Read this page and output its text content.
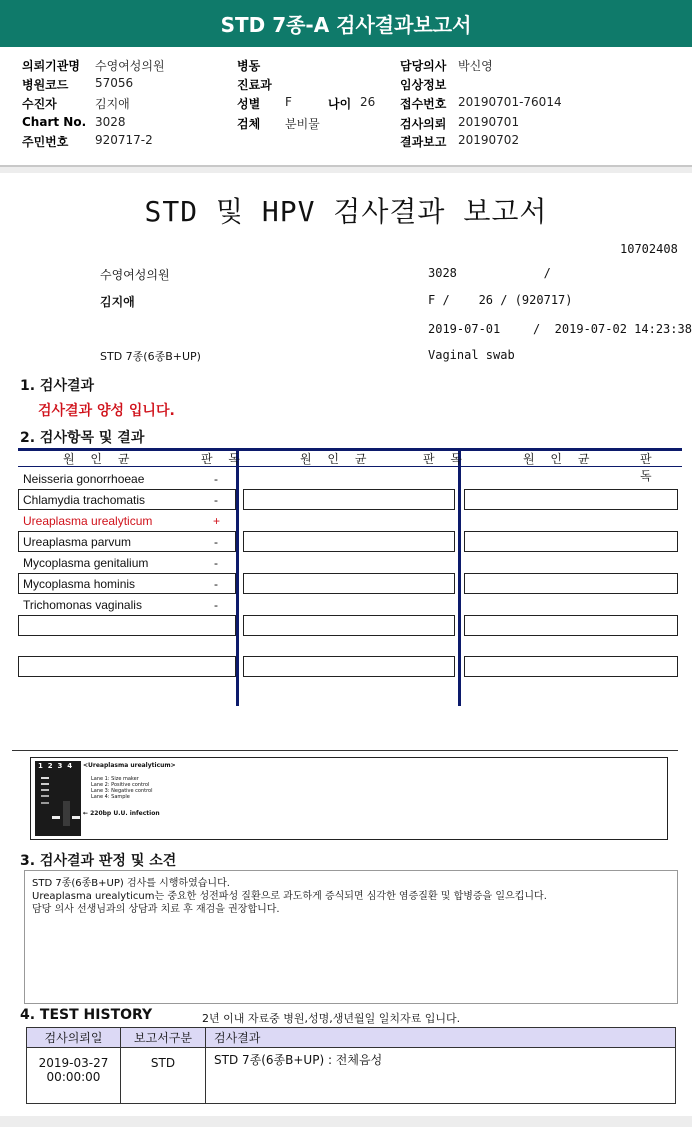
STD 7종-A 검사결과보고서
의뢰기관명 수영여성의원
병원코드 57056
수진자	김지애
Chart No. 3028
주민번호 920717-2
병동
진료과
성별 F	나이 26
검체 분비물
담당의사 박신영
임상정보
접수번호 20190701-76014
검사의뢰 20190701
결과보고 20190702
STD 및 HPV 검사결과 보고서
10702408
수영여성의원	3028            /
김지애	F /    26 / (920717)
2019-07-01	/  2019-07-02 14:23:38
STD 7종(6종B+UP)	Vaginal swab
1. 검사결과
검사결과 양성 입니다.
2. 검사항목 및 결과
원 인 균	판 독	원 인 균	판 독	원 인 균	판 독
Neisseria gonorrhoeae	-
Chlamydia trachomatis	-
Ureaplasma urealyticum	+
Ureaplasma parvum	-
Mycoplasma genitalium	-
Mycoplasma hominis	-
Trichomonas vaginalis	-
1  2  3  4 <Ureaplasma urealyticum>
Lane 1: Size maker
Lane 2: Positive control
Lane 3: Negative control
Lane 4: Sample
← 220bp U.U. infection
3. 검사결과 판정 및 소견
STD 7종(6종B+UP) 검사를 시행하였습니다.
Ureaplasma urealyticum는 중요한 성전파성 질환으로 과도하게 증식되면 심각한 염증질환 및 합병증을 일으킵니다.
담당 의사 선생님과의 상담과 치료 후 재검을 권장합니다.
4. TEST HISTORY	2년 이내 자료중 병원,성명,생년월일 일치자료 입니다.
검사의뢰일	보고서구분	검사결과

2019-03-27
00:00:00	STD	STD 7종(6종B+UP) : 전체음성
